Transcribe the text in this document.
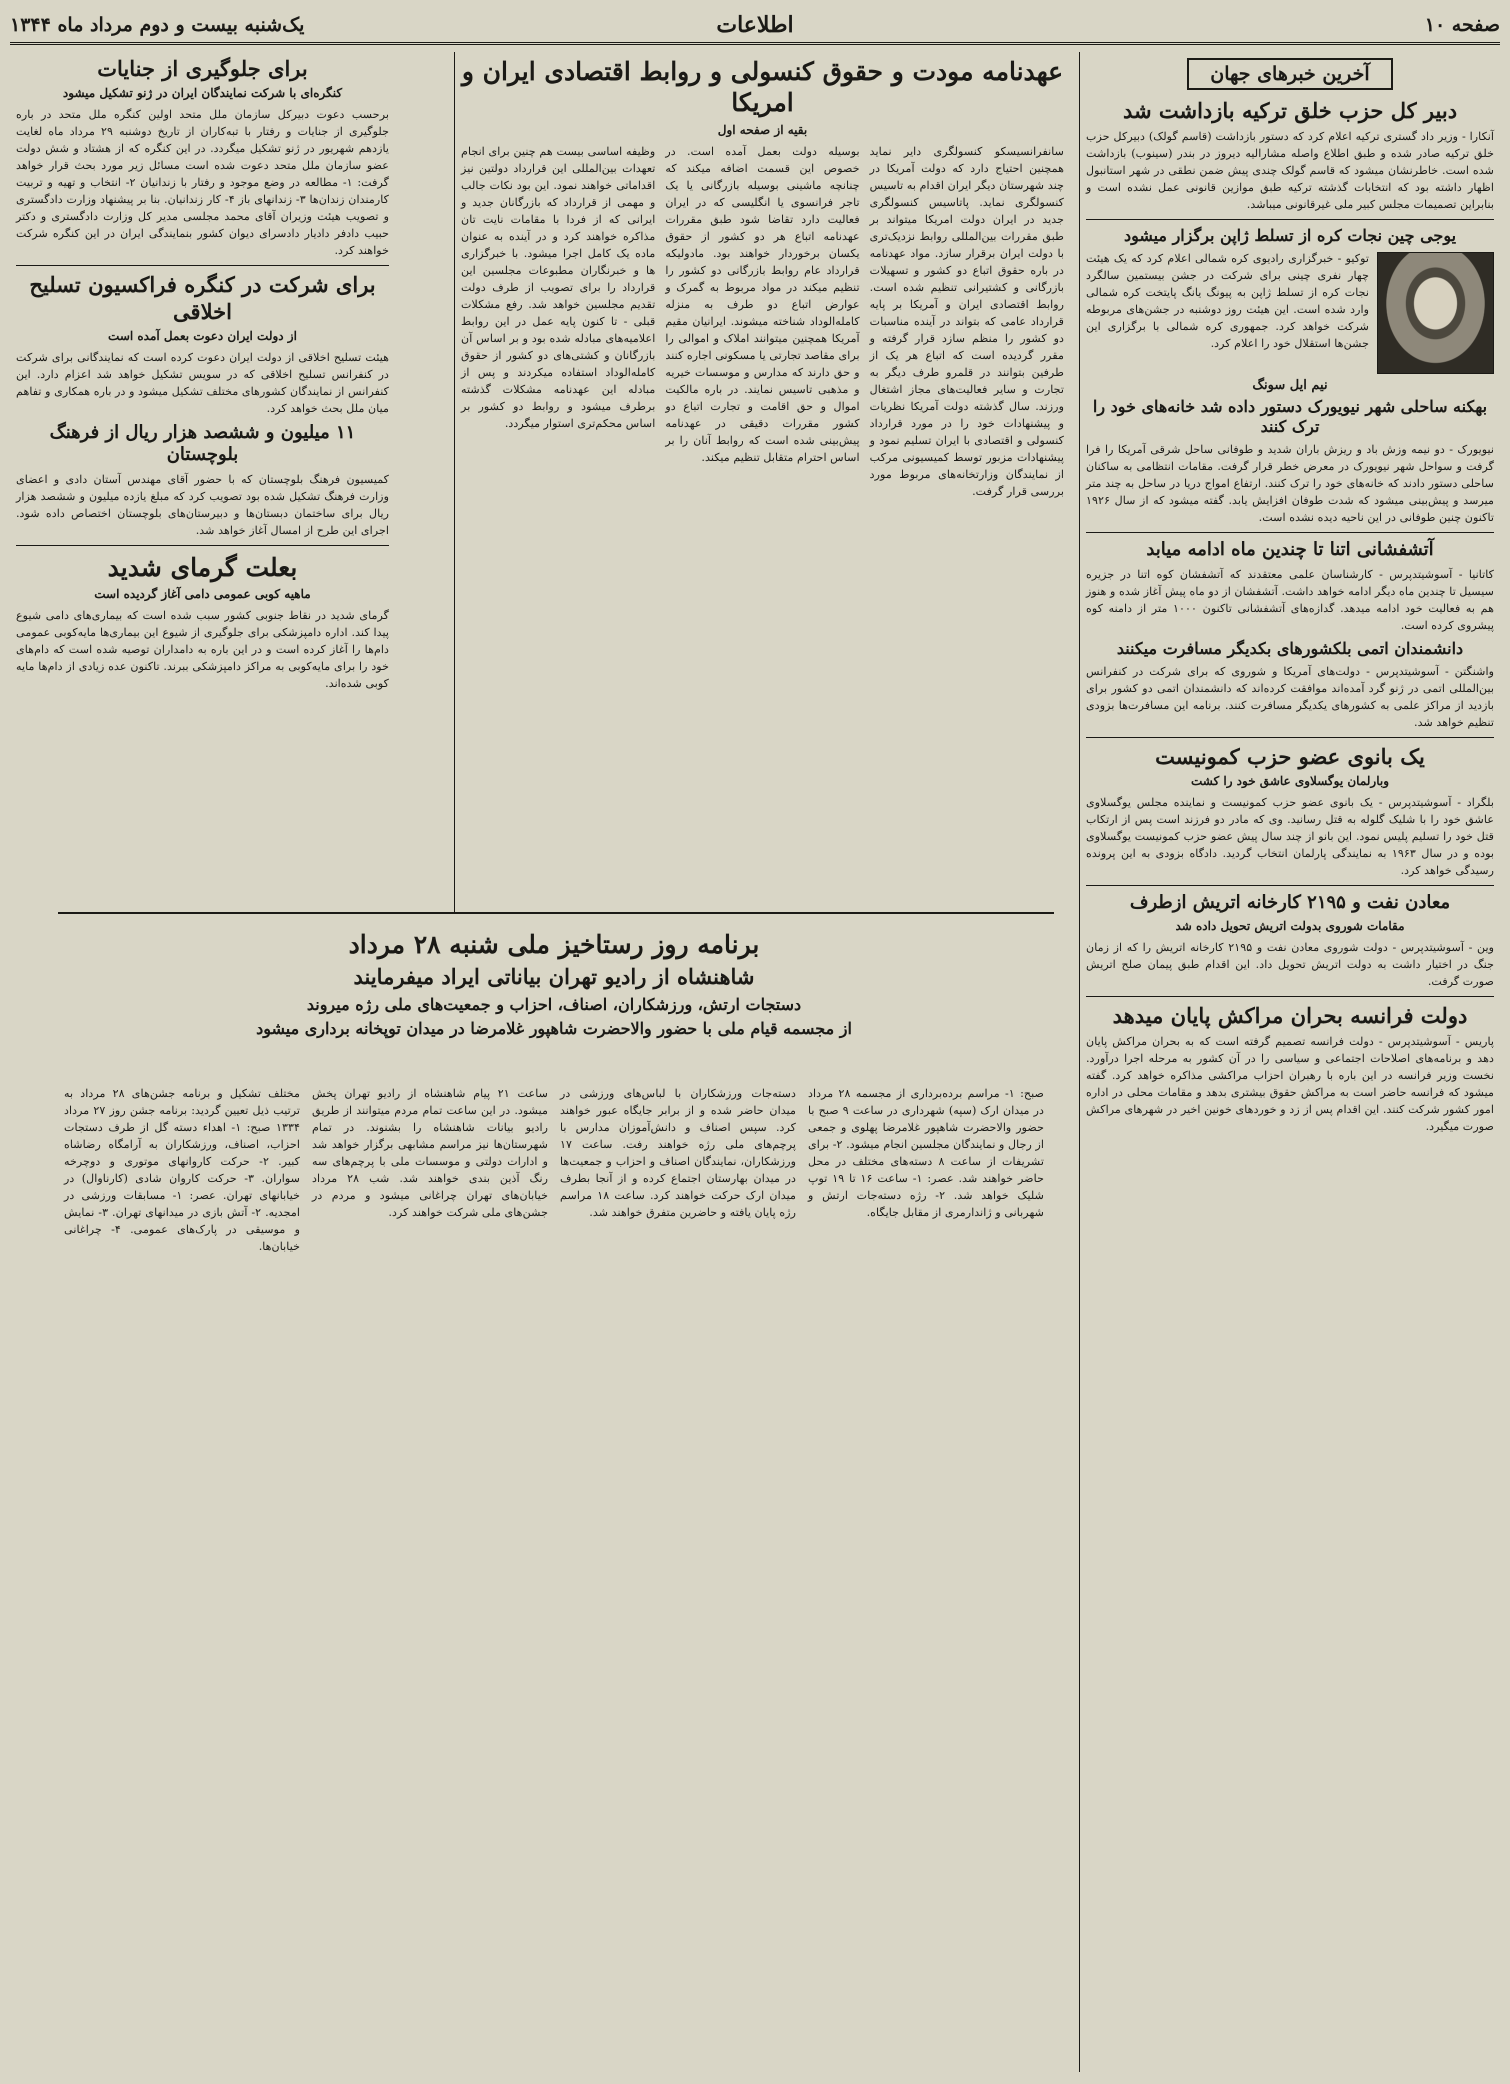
صفحه ۱۰
اطلاعات
یک‌شنبه بیست و دوم مرداد ماه ۱۳۴۴
آخرین خبرهای جهان
دبیر کل حزب خلق ترکیه بازداشت شد

آنکارا - وزیر داد گستری ترکیه اعلام کرد که دستور بازداشت (قاسم گولک) دبیرکل حزب خلق ترکیه صادر شده و طبق اطلاع واصله مشارالیه دیروز در بندر (سینوب) بازداشت شده است. خاطرنشان میشود که قاسم گولک چندی پیش ضمن نطقی در شهر استانبول اظهار داشته بود که انتخابات گذشته ترکیه طبق موازین قانونی عمل نشده است و بنابراین تصمیمات مجلس کبیر ملی غیرقانونی میباشد.

یوجی چین نجات کره از تسلط ژاپن برگزار میشود

توکیو - خبرگزاری رادیوی کره شمالی اعلام کرد که یک هیئت چهار نفری چینی برای شرکت در جشن بیستمین سالگرد نجات کره از تسلط ژاپن به پیونگ یانگ پایتخت کره شمالی وارد شده است. این هیئت روز دوشنبه در جشن‌های مربوطه شرکت خواهد کرد. جمهوری کره شمالی با برگزاری این جشن‌ها استقلال خود را اعلام کرد.

نیم ایل سونگ
بهکنه ساحلی شهر نیویورک دستور داده شد خانه‌های خود را ترک کنند

نیویورک - دو نیمه وزش باد و ریزش باران شدید و طوفانی ساحل شرقی آمریکا را فرا گرفت و سواحل شهر نیویورک در معرض خطر قرار گرفت. مقامات انتظامی به ساکنان ساحلی دستور دادند که خانه‌های خود را ترک کنند. ارتفاع امواج دریا در ساحل به چند متر میرسد و پیش‌بینی میشود که شدت طوفان افزایش یابد. گفته میشود که از سال ۱۹۲۶ تاکنون چنین طوفانی در این ناحیه دیده نشده است.

آتشفشانی اتنا تا چندین ماه ادامه میابد

کاتانیا - آسوشیتدپرس - کارشناسان علمی معتقدند که آتشفشان کوه اتنا در جزیره سیسیل تا چندین ماه دیگر ادامه خواهد داشت. آتشفشان از دو ماه پیش آغاز شده و هنوز هم به فعالیت خود ادامه میدهد. گدازه‌های آتشفشانی تاکنون ۱۰۰۰ متر از دامنه کوه پیشروی کرده است.

دانشمندان اتمی بلکشورهای بکدیگر مسافرت میکنند

واشنگتن - آسوشیتدپرس - دولت‌های آمریکا و شوروی که برای شرکت در کنفرانس بین‌المللی اتمی در ژنو گرد آمده‌اند موافقت کرده‌اند که دانشمندان اتمی دو کشور برای بازدید از مراکز علمی به کشورهای یکدیگر مسافرت کنند. برنامه این مسافرت‌ها بزودی تنظیم خواهد شد.

یک بانوی عضو حزب کمونیست
وبارلمان یوگسلاوی عاشق خود را کشت

بلگراد - آسوشیتدپرس - یک بانوی عضو حزب کمونیست و نماینده مجلس یوگسلاوی عاشق خود را با شلیک گلوله به قتل رسانید. وی که مادر دو فرزند است پس از ارتکاب قتل خود را تسلیم پلیس نمود. این بانو از چند سال پیش عضو حزب کمونیست یوگسلاوی بوده و در سال ۱۹۶۳ به نمایندگی پارلمان انتخاب گردید. دادگاه بزودی به این پرونده رسیدگی خواهد کرد.

معادن نفت و ۲۱۹۵ کارخانه اتریش ازطرف
مقامات شوروی بدولت اتریش تحویل داده شد

وین - آسوشیتدپرس - دولت شوروی معادن نفت و ۲۱۹۵ کارخانه اتریش را که از زمان جنگ در اختیار داشت به دولت اتریش تحویل داد. این اقدام طبق پیمان صلح اتریش صورت گرفت.

دولت فرانسه بحران مراکش پایان میدهد

پاریس - آسوشیتدپرس - دولت فرانسه تصمیم گرفته است که به بحران مراکش پایان دهد و برنامه‌های اصلاحات اجتماعی و سیاسی را در آن کشور به مرحله اجرا درآورد. نخست وزیر فرانسه در این باره با رهبران احزاب مراکشی مذاکره خواهد کرد. گفته میشود که فرانسه حاضر است به مراکش حقوق بیشتری بدهد و مقامات محلی در اداره امور کشور شرکت کنند. این اقدام پس از زد و خوردهای خونین اخیر در شهرهای مراکش صورت میگیرد.

عهدنامه مودت و حقوق کنسولی و روابط اقتصادی ایران و امریکا
بقیه از صفحه اول

سانفرانسیسکو کنسولگری دایر نماید همچنین احتیاج دارد که دولت آمریکا در چند شهرستان دیگر ایران اقدام به تاسیس کنسولگری نماید. پاتاسیس کنسولگری جدید در ایران دولت امریکا میتواند بر طبق مقررات بین‌المللی روابط نزدیک‌تری با دولت ایران برقرار سازد. مواد عهدنامه در باره حقوق اتباع دو کشور و تسهیلات بازرگانی و کشتیرانی تنظیم شده است. روابط اقتصادی ایران و آمریکا بر پایه قرارداد عامی که بتواند در آینده مناسبات دو کشور را منظم سازد قرار گرفته و مقرر گردیده است که اتباع هر یک از طرفین بتوانند در قلمرو طرف دیگر به تجارت و سایر فعالیت‌های مجاز اشتغال ورزند. سال گذشته دولت آمریکا نظریات و پیشنهادات خود را در مورد قرارداد کنسولی و اقتصادی با ایران تسلیم نمود و پیشنهادات مزبور توسط کمیسیونی مرکب از نمایندگان وزارتخانه‌های مربوط مورد بررسی قرار گرفت.

بوسیله دولت بعمل آمده است. در خصوص این قسمت اضافه میکند که چنانچه ماشینی بوسیله بازرگانی یا یک تاجر فرانسوی یا انگلیسی که در ایران فعالیت دارد تقاضا شود طبق مقررات عهدنامه اتباع هر دو کشور از حقوق یکسان برخوردار خواهند بود. مادولیکه قرارداد عام روابط بازرگانی دو کشور را تنظیم میکند در مواد مربوط به گمرک و عوارض اتباع دو طرف به منزله کامله‌الوداد شناخته میشوند. ایرانیان مقیم آمریکا همچنین میتوانند املاک و اموالی را برای مقاصد تجارتی یا مسکونی اجاره کنند و حق دارند که مدارس و موسسات خیریه و مذهبی تاسیس نمایند. در باره مالکیت اموال و حق اقامت و تجارت اتباع دو کشور مقررات دقیقی در عهدنامه پیش‌بینی شده است که روابط آنان را بر اساس احترام متقابل تنظیم میکند.

وظیفه اساسی بیست هم چنین برای انجام تعهدات بین‌المللی این قرارداد دولتین نیز اقداماتی خواهند نمود. این بود نکات جالب و مهمی از قرارداد که بازرگانان جدید و ایرانی که از فردا با مقامات نایت تان مذاکره خواهند کرد و در آینده به عنوان ماده یک کامل اجرا میشود. با خبرگزاری ها و خبرنگاران مطبوعات مجلسین این قرارداد را برای تصویب از طرف دولت تقدیم مجلسین خواهد شد. رفع مشکلات قبلی - تا کنون پایه عمل در این روابط اعلامیه‌های مبادله شده بود و بر اساس آن بازرگانان و کشتی‌های دو کشور از حقوق کامله‌الوداد استفاده میکردند و پس از مبادله این عهدنامه مشکلات گذشته برطرف میشود و روابط دو کشور بر اساس محکم‌تری استوار میگردد.

برای جلوگیری از جنایات
کنگره‌ای با شرکت نمایندگان ایران در ژنو تشکیل میشود

برحسب دعوت دبیرکل سازمان ملل متحد اولین کنگره ملل متحد در باره جلوگیری از جنایات و رفتار با تبه‌کاران از تاریخ دوشنبه ۲۹ مرداد ماه لغایت یازدهم شهریور در ژنو تشکیل میگردد. در این کنگره که از هشتاد و شش دولت عضو سازمان ملل متحد دعوت شده است مسائل زیر مورد بحث قرار خواهد گرفت: ۱- مطالعه در وضع موجود و رفتار با زندانیان ۲- انتخاب و تهیه و تربیت کارمندان زندان‌ها ۳- زندانهای باز ۴- کار زندانیان. بنا بر پیشنهاد وزارت دادگستری و تصویب هیئت وزیران آقای محمد مجلسی مدیر کل وزارت دادگستری و دکتر حبیب دادفر دادیار دادسرای دیوان کشور بنمایندگی ایران در این کنگره شرکت خواهند کرد.

برای شرکت در کنگره فراکسیون تسلیح اخلاقی
از دولت ایران دعوت بعمل آمده است

هیئت تسلیح اخلاقی از دولت ایران دعوت کرده است که نمایندگانی برای شرکت در کنفرانس تسلیح اخلاقی که در سویس تشکیل خواهد شد اعزام دارد. این کنفرانس از نمایندگان کشورهای مختلف تشکیل میشود و در باره همکاری و تفاهم میان ملل بحث خواهد کرد.

۱۱ میلیون و ششصد هزار ریال از فرهنگ بلوچستان

کمیسیون فرهنگ بلوچستان که با حضور آقای مهندس آستان دادی و اعضای وزارت فرهنگ تشکیل شده بود تصویب کرد که مبلغ یازده میلیون و ششصد هزار ریال برای ساختمان دبستان‌ها و دبیرستان‌های بلوچستان اختصاص داده شود. اجرای این طرح از امسال آغاز خواهد شد.

بعلت گرمای شدید
ماهیه کوبی عمومی دامی آغاز گردیده است

گرمای شدید در نقاط جنوبی کشور سبب شده است که بیماری‌های دامی شیوع پیدا کند. اداره دامپزشکی برای جلوگیری از شیوع این بیماری‌ها مایه‌کوبی عمومی دام‌ها را آغاز کرده است و در این باره به دامداران توصیه شده است که دام‌های خود را برای مایه‌کوبی به مراکز دامپزشکی ببرند. تاکنون عده زیادی از دام‌ها مایه کوبی شده‌اند.

برنامه روز رستاخیز ملی شنبه ۲۸ مرداد
شاهنشاه از رادیو تهران بیاناتی ایراد میفرمایند
دستجات ارتش، ورزشکاران، اصناف، احزاب و جمعیت‌های ملی رژه میروند
از مجسمه قیام ملی با حضور والاحضرت شاهپور غلامرضا در میدان توپخانه برداری میشود

صبح: ۱- مراسم برده‌برداری از مجسمه ۲۸ مرداد در میدان ارک (سپه) شهرداری در ساعت ۹ صبح با حضور والاحضرت شاهپور غلامرضا پهلوی و جمعی از رجال و نمایندگان مجلسین انجام میشود. ۲- برای تشریفات از ساعت ۸ دسته‌های مختلف در محل حاضر خواهند شد. عصر: ۱- ساعت ۱۶ تا ۱۹ توپ شلیک خواهد شد. ۲- رژه دسته‌جات ارتش و شهربانی و ژاندارمری از مقابل جایگاه.

دسته‌جات ورزشکاران با لباس‌های ورزشی در میدان حاضر شده و از برابر جایگاه عبور خواهند کرد. سپس اصناف و دانش‌آموزان مدارس با پرچم‌های ملی رژه خواهند رفت. ساعت ۱۷ ورزشکاران، نمایندگان اصناف و احزاب و جمعیت‌ها در میدان بهارستان اجتماع کرده و از آنجا بطرف میدان ارک حرکت خواهند کرد. ساعت ۱۸ مراسم رژه پایان یافته و حاضرین متفرق خواهند شد.

ساعت ۲۱ پیام شاهنشاه از رادیو تهران پخش میشود. در این ساعت تمام مردم میتوانند از طریق رادیو بیانات شاهنشاه را بشنوند. در تمام شهرستان‌ها نیز مراسم مشابهی برگزار خواهد شد و ادارات دولتی و موسسات ملی با پرچم‌های سه رنگ آذین بندی خواهند شد. شب ۲۸ مرداد خیابان‌های تهران چراغانی میشود و مردم در جشن‌های ملی شرکت خواهند کرد.

مختلف تشکیل و برنامه جشن‌های ۲۸ مرداد به ترتیب ذیل تعیین گردید: برنامه جشن روز ۲۷ مرداد ۱۳۳۴ صبح: ۱- اهداء دسته گل از طرف دستجات احزاب، اصناف، ورزشکاران به آرامگاه رضاشاه کبیر. ۲- حرکت کاروانهای موتوری و دوچرخه سواران. ۳- حرکت کاروان شادی (کارناوال) در خیابانهای تهران. عصر: ۱- مسابقات ورزشی در امجدیه. ۲- آتش بازی در میدانهای تهران. ۳- نمایش و موسیقی در پارک‌های عمومی. ۴- چراغانی خیابان‌ها.
